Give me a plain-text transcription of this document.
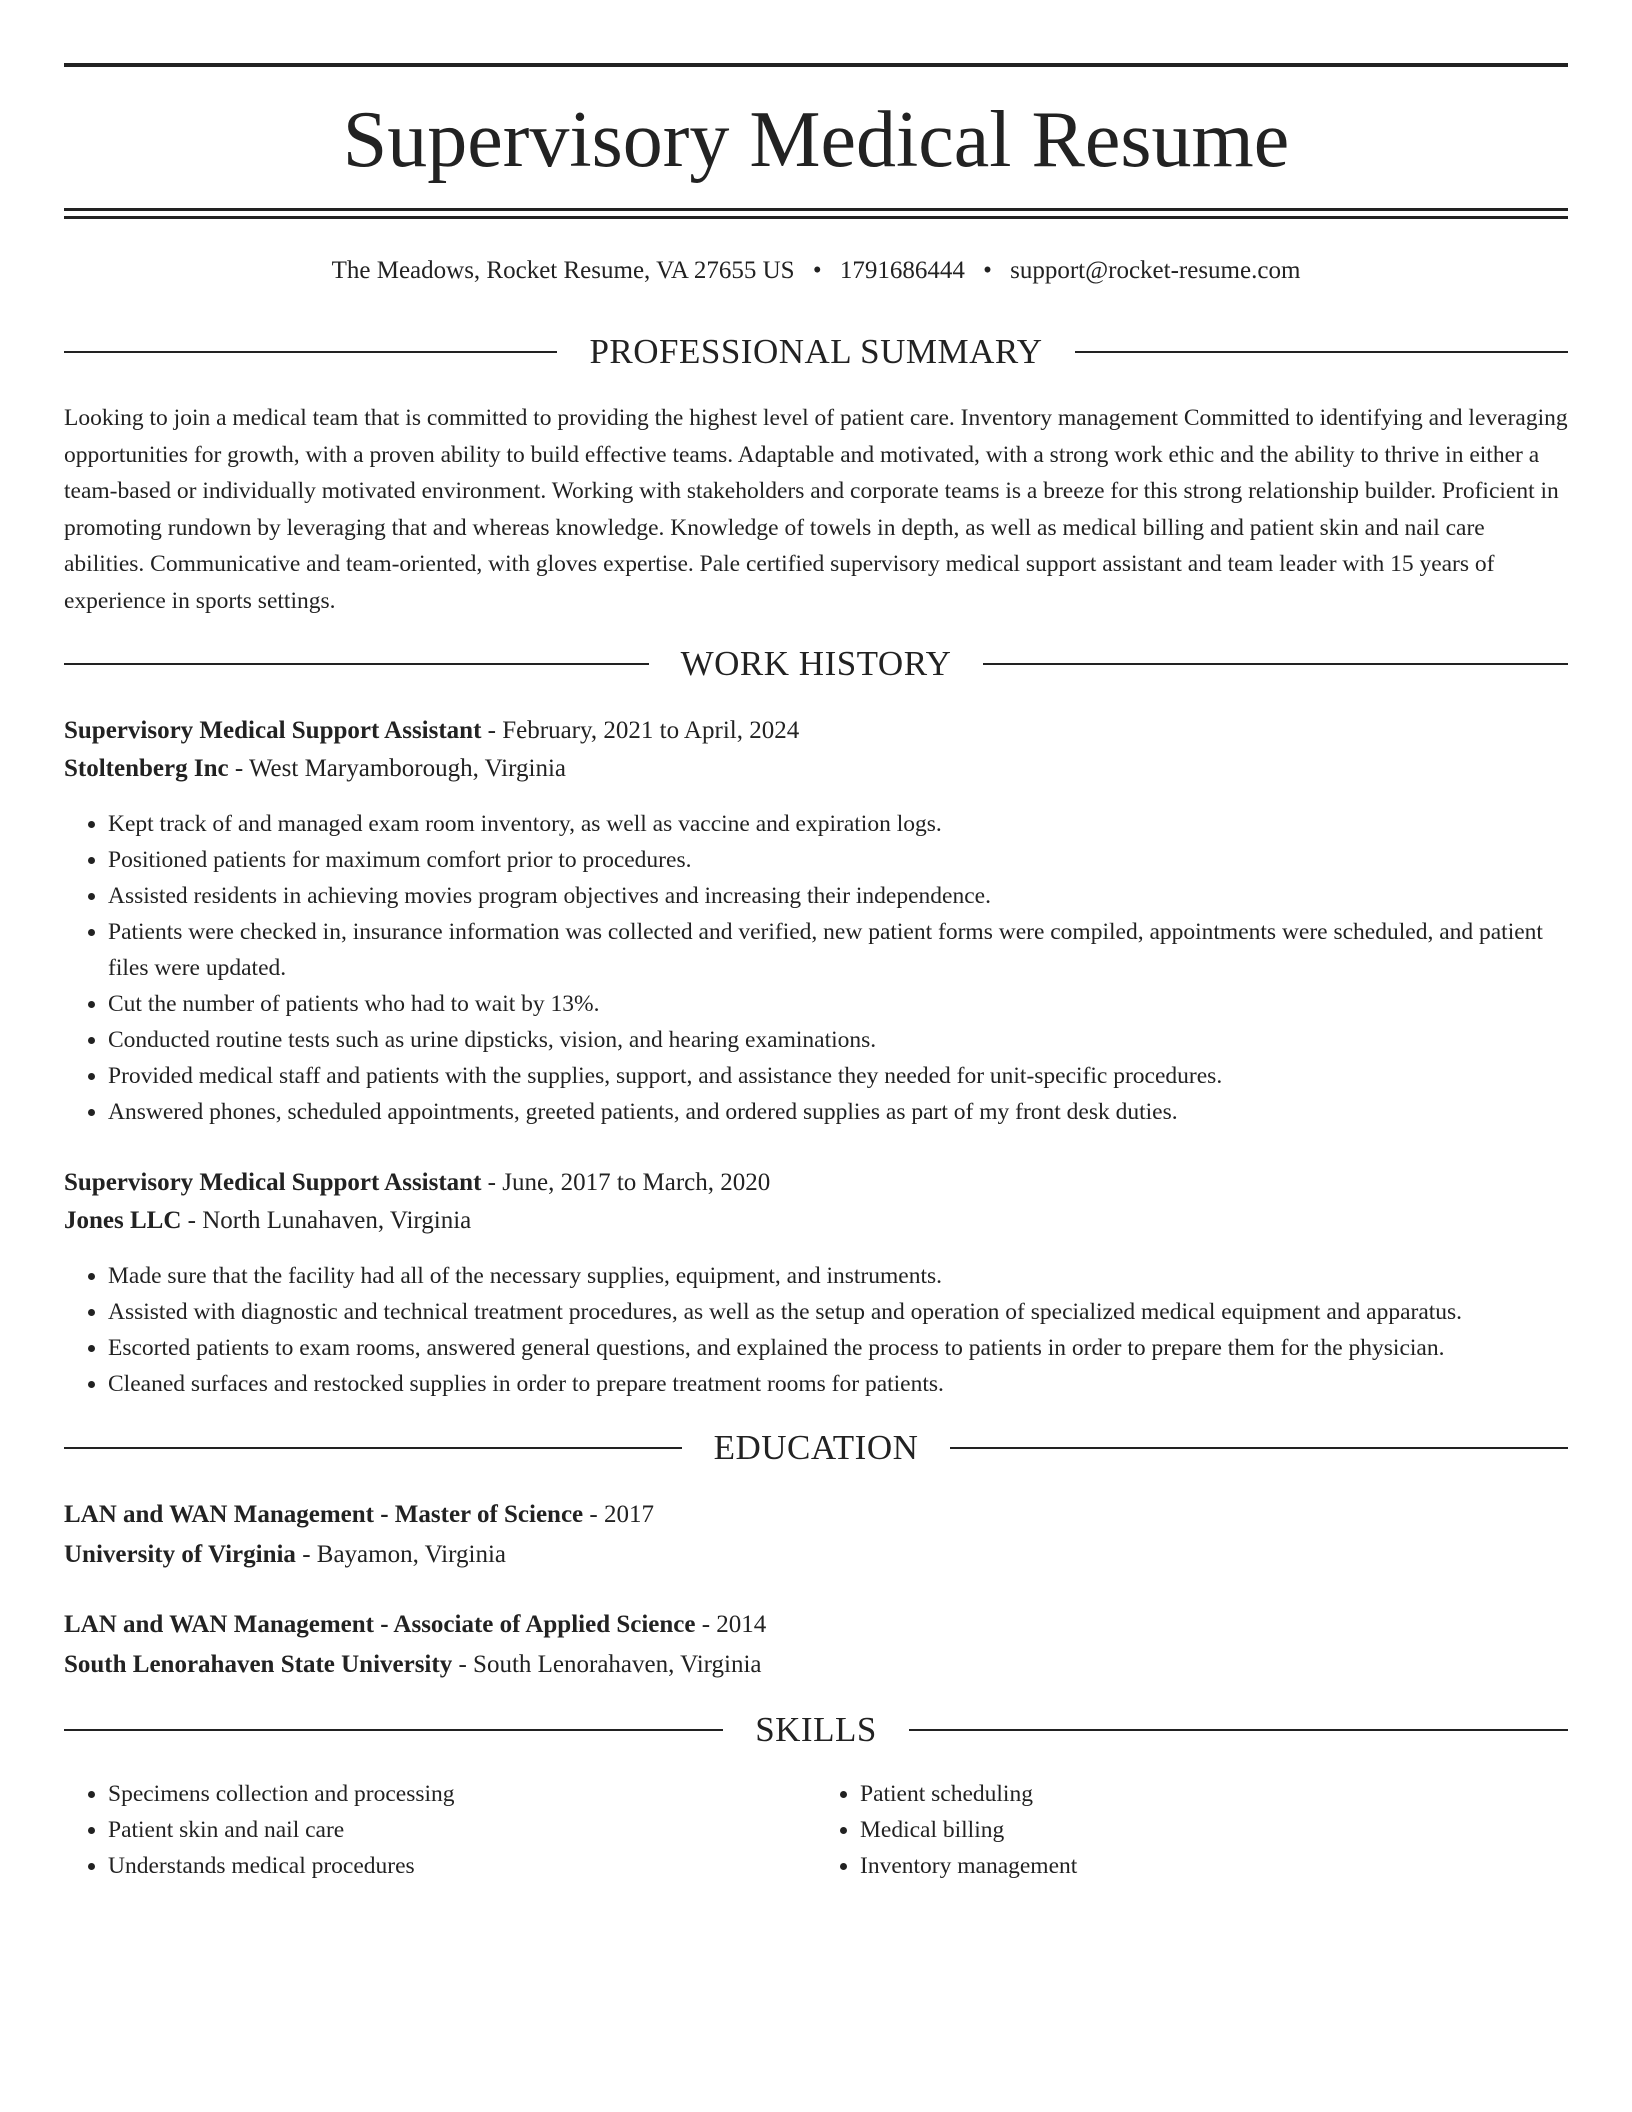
Supervisory Medical Resume
The Meadows, Rocket Resume, VA 27655 US • 1791686444 • support@rocket-resume.com
PROFESSIONAL SUMMARY

Looking to join a medical team that is committed to providing the highest level of patient care. Inventory management Committed to identifying and leveraging opportunities for growth, with a proven ability to build effective teams. Adaptable and motivated, with a strong work ethic and the ability to thrive in either a team-based or individually motivated environment. Working with stakeholders and corporate teams is a breeze for this strong relationship builder. Proficient in promoting rundown by leveraging that and whereas knowledge. Knowledge of towels in depth, as well as medical billing and patient skin and nail care abilities. Communicative and team-oriented, with gloves expertise. Pale certified supervisory medical support assistant and team leader with 15 years of experience in sports settings.

WORK HISTORY
Supervisory Medical Support Assistant - February, 2021 to April, 2024
Stoltenberg Inc - West Maryamborough, Virginia
• Kept track of and managed exam room inventory, as well as vaccine and expiration logs.
• Positioned patients for maximum comfort prior to procedures.
• Assisted residents in achieving movies program objectives and increasing their independence.
• Patients were checked in, insurance information was collected and verified, new patient forms were compiled, appointments were scheduled, and patient files were updated.
• Cut the number of patients who had to wait by 13%.
• Conducted routine tests such as urine dipsticks, vision, and hearing examinations.
• Provided medical staff and patients with the supplies, support, and assistance they needed for unit-specific procedures.
• Answered phones, scheduled appointments, greeted patients, and ordered supplies as part of my front desk duties.
Supervisory Medical Support Assistant - June, 2017 to March, 2020
Jones LLC - North Lunahaven, Virginia
• Made sure that the facility had all of the necessary supplies, equipment, and instruments.
• Assisted with diagnostic and technical treatment procedures, as well as the setup and operation of specialized medical equipment and apparatus.
• Escorted patients to exam rooms, answered general questions, and explained the process to patients in order to prepare them for the physician.
• Cleaned surfaces and restocked supplies in order to prepare treatment rooms for patients.
EDUCATION
LAN and WAN Management - Master of Science - 2017
University of Virginia - Bayamon, Virginia
LAN and WAN Management - Associate of Applied Science - 2014
South Lenorahaven State University - South Lenorahaven, Virginia
SKILLS
• Specimens collection and processing
• Patient skin and nail care
• Understands medical procedures
• Patient scheduling
• Medical billing
• Inventory management
